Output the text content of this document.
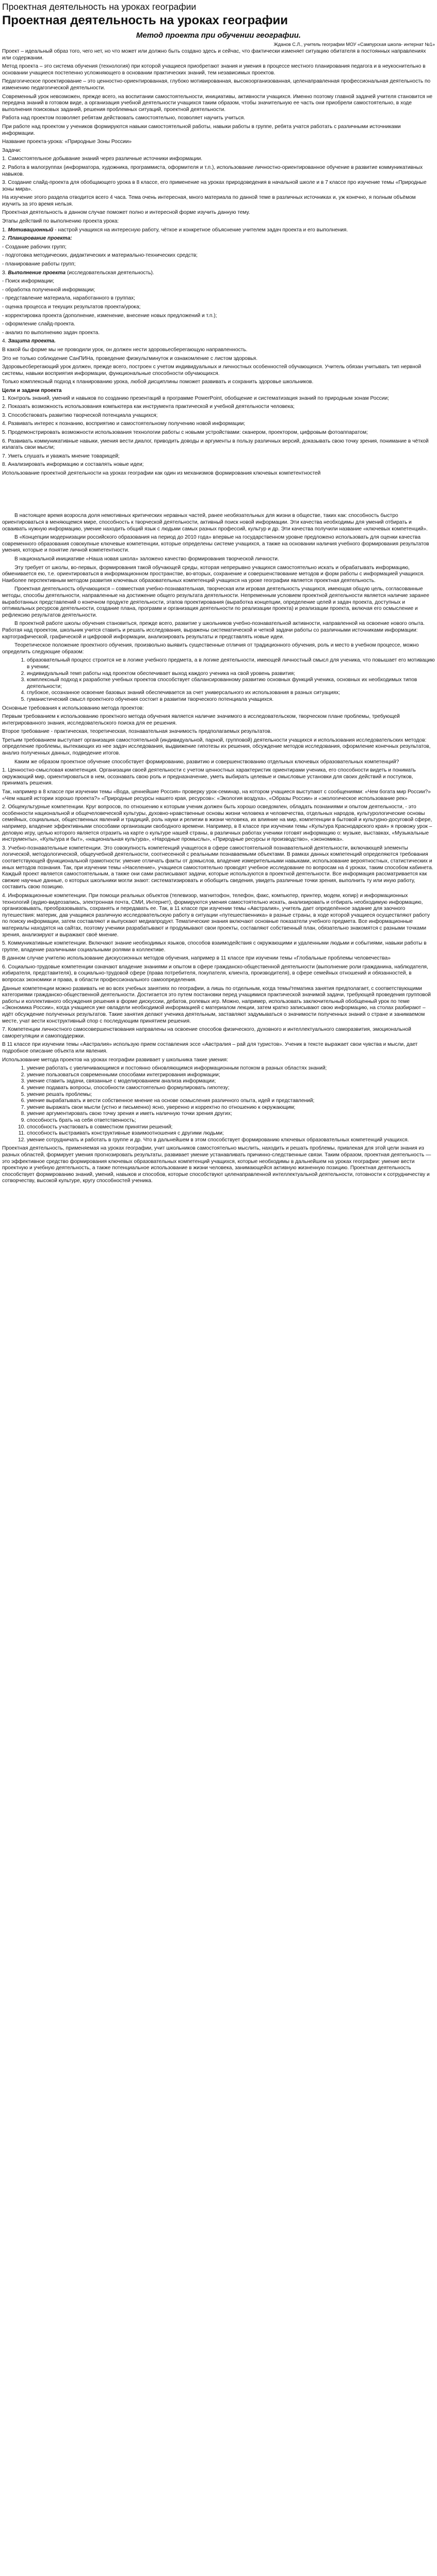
Проектная деятельность на уроках географии
Проектная деятельность на уроках географии
Метод проекта при обучении географии.
Жданов С.Л., учитель географии МОУ «Сампурская школа- интернат №1»

Проект – идеальный образ того, чего нет, но что может или должно быть создано здесь и сейчас, что фактически изменяет ситуацию обитателя в постоянных направлениях или содержании.

Метод проекта – это система обучения (технология) при которой учащиеся приобретают знания и умения в процессе местного планирования педагога и в неукоснительно в основании учащиеся постепенно усложняющего в основании практических знаний, тем независимых проектов.

Педагогическое проектирование – это ценностно-ориентированная, глубоко мотивированная, высокоорганизованная, целенаправленная профессиональная деятельность по изменению педагогической деятельности.

Современный урок невозможен, прежде всего, на воспитании самостоятельности, инициативы, активности учащихся. Именно поэтому главной задачей учителя становится не передача знаний в готовом виде, а организация учебной деятельности учащихся таким образом, чтобы значительную ее часть они приобрели самостоятельно, в ходе выполнения поисковых заданий, решения проблемных ситуаций, проектной деятельности.

Работа над проектом позволяет ребятам действовать самостоятельно, позволяет научить учиться.

При работе над проектом у учеников формируются навыки самостоятельной работы, навыки работы в группе, ребята учатся работать с различными источниками информации.

Название проекта-урока: «Природные Зоны России»

Задачи:

1. Самостоятельное добывание знаний через различные источники информации.

2. Работа в малогруппах (информатора, художника, программиста, оформителя и т.п.), использование личностно-ориентированное обучение в развитие коммуникативных навыков.

3. Создание слайд-проекта для обобщающего урока в 8 классе, его применение на уроках природоведения в начальной школе и в 7 классе про изучение темы «Природные зоны мира».

На изучение этого раздела отводится всего 4 часа. Тема очень интересная, много материала по данной теме в различных источниках и, уж конечно, я полным объёмом изучить за это время нельзя.

Проектная деятельность в данном случае поможет полно и интересной форме изучить данную тему.

Этапы действий по выполнению проекта урока:

1. Мотивационный - настрой учащихся на интересную работу, чёткое и конкретное объяснение учителем задач проекта и его выполнения.

2. Планирование проекта:

- Создание рабочих групп;

- подготовка методических, дидактических и материально-технических средств;

- планирование работы групп;

3. Выполнение проекта (исследовательская деятельность).

- Поиск информации;

- обработка полученной информации;

- представление материала, наработанного в группах;

- оценка процесса и текущих результатов проекта/урока;

- корректировка проекта (дополнение, изменение, внесение новых предложений и т.п.);

- оформление слайд-проекта.

- анализ по выполнению задач проекта.

4. Защита проекта.

В какой бы форме мы не проводили урок, он должен нести здоровьесберегающую направленность.

Это не только соблюдение СанПИНа, проведение физкультминуток и ознакомление с листом здоровья.

Здоровьесберегающий урок должен, прежде всего, построен с учетом индивидуальных и личностных особенностей обучающихся. Учитель обязан учитывать тип нервной системы, навыки восприятия информации, функциональные способности обучающихся.

Только комплексный подход к планированию урока, любой дисциплины поможет развивать и сохранить здоровье школьников.

Цели и задачи проекта

1. Контроль знаний, умений и навыков по созданию презентаций в программе PowerPoint, обобщение и систематизация знаний по природным зонам России;

2. Показать возможность использования компьютера как инструмента практической и учебной деятельности человека;

3. Способствовать развитию творческой потенциала учащихся;

4. Развивать интерес к познанию, восприятию и самостоятельному получению новой информации;

5. Продемонстрировать возможности использования технологии работы с новыми устройствами: сканером, проектором, цифровым фотоаппаратом;

6. Развивать коммуникативные навыки, умения вести диалог, приводить доводы и аргументы в пользу различных версий, доказывать свою точку зрения, понимание в чёткой излагать свои мысли;

7. Уметь слушать и уважать мнение товарищей;

8. Анализировать информацию и составлять новые идеи;

Использование проектной деятельности на уроках географии как один из механизмов формирования ключевых компетентностей

В настоящее время возросла доля немотивных критических неравных частей, ранее необязательных для жизни в обществе, таких как: способность быстро ориентироваться в меняющемся мире, способность к творческой деятельности, активный поиск новой информации. Эти качества необходимы для умений отбирать и осваивать нужную информацию, умение находить общий язык с людьми самых разных профессий, культур и др. Эти качества получили название «ключевых компетенций».

В «Концепции модернизации российского образования на период до 2010 года» впервые на государственном уровне предложено использовать для оценки качества современного образования совокупные ключевые компетенции, которые определены системе учащихся, а также на основании наличия учебного формирования результатов умения, которые и понятие личной компетентности.

В национальной инициативе «Наша новая школа» заложено качество формирования творческой личности.

Эту требует от школы, во-первых, формирования такой обучающей среды, которая непрерывно учащихся самостоятельно искать и обрабатывать информацию, обменивается ею, т.е. ориентироваться в информационном пространстве, во-вторых, сохранение и совершенствование методов и форм работы с информацией учащихся. Наиболее перспективным методом развития ключевых образовательных компетенций учащихся на уроке географии является проектная деятельность.

Проектная деятельность обучающихся – совместная учебно-познавательная, творческая или игровая деятельность учащихся, имеющая общую цель, согласованные методы, способы деятельности, направленные на достижение общего результата деятельности. Непременным условием проектной деятельности является наличие заранее выработанных представлений о конечном продукте деятельности, этапов проектирования (выработка концепции, определение целей и задач проекта, доступных и оптимальных ресурсов деятельности, создание плана, программ и организация деятельности по реализации проекта) и реализации проекта, включая его осмысление и рефлексию результатов деятельности.

В проектной работе школы обучения становиться, прежде всего, развитие у школьников учебно-познавательной активности, направленной на освоение нового опыта. Работая над проектом, школьник учится ставить и решать исследования, выражены систематической и четкой задачи работы со различными источниками информации: картографической, графической и цифровой информации, анализировать результаты и представлять новые идеи.

Теоретическое положение проектного обучения, произвольно выявить существенные отличия от традиционного обучения, роль и место в учебном процессе, можно определить следующие образом:

1. образовательный процесс строится не в логике учебного предмета, а в логике деятельности, имеющей личностный смысл для ученика, что повышает его мотивацию в учении;
2. индивидуальный темп работы над проектом обеспечивает выход каждого ученика на свой уровень развития;
3. комплексный подход к разработке учебных проектов способствует сбалансированному развитию основных функций ученика, основных их необходимых типов деятельности;
4. глубокое, осознанное освоение базовых знаний обеспечивается за счет универсального их использования в разных ситуациях;
5. гуманистический смысл проектного обучения состоит в развитии творческого потенциала учащихся.

Основные требования к использованию метода проектов:

Первым требованием к использованию проектного метода обучения является наличие значимого в исследовательском, творческом плане проблемы, требующей интегрированного знания, исследовательского поиска для ее решения.

Второе требование - практическая, теоретическая, познавательная значимость предполагаемых результатов.

Третьим требованием выступает организация самостоятельной (индивидуальной, парной, групповой) деятельности учащихся и использования исследовательских методов: определение проблемы, вытекающих из нее задач исследования, выдвижение гипотезы их решения, обсуждение методов исследования, оформление конечных результатов, анализ полученных данных, подведение итогов.

Каким же образом проектное обучение способствует формированию, развитию и совершенствованию отдельных ключевых образовательных компетенций?

1. Ценностно-смысловая компетенция. Организации своей деятельности с учетом ценностных характеристик ориентирами ученика, его способности видеть и понимать окружающий мир, ориентироваться в нем, осознавать свою роль и предназначение, уметь выбирать целевые и смысловые установки для своих действий и поступков, принимать решения.

Так, например в 8 классе при изучении темы «Вода, ценнейшие Россия» проверку урок-семинар, на котором учащиеся выступают с сообщениями: «Чем богата мир России?» «Чем нашей истории хорошо проекта?» «Природные ресурсы нашего края, ресурсов»: «Экология воздуха», «Образы России» и «экологическое использование рек»

2. Общекультурные компетенции. Круг вопросов, по отношению к которым ученик должен быть хорошо осведомлен, обладать познаниями и опытом деятельности, - это особенности национальной и общечеловеческой культуры, духовно-нравственные основы жизни человека и человечества, отдельных народов, культурологические основы семейных, социальных, общественных явлений и традиций, роль науки и религии в жизни человека, их влияние на мир, компетенции в бытовой и культурно-досуговой сфере, например, владение эффективными способами организации свободного времени. Например, в 8 классе при изучении темы «Культура Краснодарского края» я провожу урок – деловую игру, целью которого является отразить на карте о культуре нашей страны, в различных работах ученики готовят информацию о: музыке, выставках, «Музыкальные инструменты», «Культура и быт», «национальная культура», «Народные промыслы», «Природные ресурсы и производство», «экономика».

3. Учебно-познавательные компетенции. Это совокупность компетенций учащегося в сфере самостоятельной познавательной деятельности, включающей элементы логической, методологической, общеучебной деятельности, соотнесенной с реальными познаваемыми объектами. В рамках данных компетенций определяются требования соответствующей функциональной грамотности: умение отличать факты от домыслов, владение измерительными навыками, использование вероятностных, статистических и иных методов познания. Так, при изучении темы «Население», учащиеся самостоятельно проводят учебное исследование по вопросам на 4 уроках, таким способом кабинета. Каждый проект является самостоятельным, а также они сами расписывают задачи, которые используются в проектной деятельности. Все информация рассматривается как свежие научные данные, о которых школьники могли знают: систематизировать и обобщить сведения, увидеть различные точки зрения, выполнить ту или иную работу, составить свою позицию.

4. Информационные компетенции. При помощи реальных объектов (телевизор, магнитофон, телефон, факс, компьютер, принтер, модем, копир) и информационных технологий (аудио-видеозапись, электронная почта, СМИ, Интернет), формируются умения самостоятельно искать, анализировать и отбирать необходимую информацию, организовывать, преобразовывать, сохранять и передавать ее. Так, в 11 классе при изучении темы «Австралия», учитель дает определённое задание для заочного путешествия: материк, дав учащимся различную исследовательскую работу в ситуации «путешественника» в разные страны, в ходе которой учащиеся осуществляют работу по поиску информации, затем составляют и выпускают медиапродукт. Тематические знания включают основные показатели учебного предмета. Все информационные материалы находятся на сайтах, поэтому ученики разрабатывают и продумывают свои проекты, составляют собственный план, обязательно знакомятся с разными точками зрения, анализируют и выражают своё мнение.

5. Коммуникативные компетенции. Включают знание необходимых языков, способов взаимодействия с окружающими и удаленными людьми и событиями, навыки работы в группе, владение различными социальными ролями в коллективе.

В данном случае учителю использование дискуссионных методов обучения, например в 11 классе при изучении темы «Глобальные проблемы человечества»

6. Социально-трудовые компетенции означают владение знаниями и опытом в сфере гражданско-общественной деятельности (выполнение роли гражданина, наблюдателя, избирателя, представителя), в социально-трудовой сфере (права потребителя, покупателя, клиента, производителя), в сфере семейных отношений и обязанностей, в вопросах экономики и права, в области профессионального самоопределения.

Данные компетенции можно развивать не во всех учебных занятиях по географии, а лишь по отдельным, когда темы/тематика занятия предполагает, с соответствующими категориями гражданско-общественной деятельности. Достигается это путем постановки перед учащимися практической значимой задачи, требующей проведения групповой работы и коллективного обсуждения решения в форме дискуссии, дебатов, ролевых игр. Можно, например, использовать заключительный обобщенный урок по теме «Экономика России», когда учащиеся уже овладели необходимой информацией с материалом лекции, затем кратко записывают свою информацию, на столах разбирают – идёт обсуждение полученных результатов. Такие занятия делают ученика деятельным, заставляют задумываться о значимости полученных знаний о стране и занимаемом месте, учат вести конструктивный спор с последующим принятием решения.

7. Компетенции личностного самосовершенствования направлены на освоение способов физического, духовного и интеллектуального саморазвития, эмоциональной саморегуляции и самоподдержки.

В 11 классе при изучении темы «Австралия» использую прием составления эссе «Австралия – рай для туристов». Ученик в тексте выражает свои чувства и мысли, дает подробное описание объекта или явления.

Использование метода проектов на уроках географии развивает у школьника такие умения:

1. умение работать с увеличивающимся и постоянно обновляющимся информационным потоком в разных областях знаний;
2. умение пользоваться современными способами интегрирования информации;
3. умение ставить задачи, связанные с моделированием анализа информации;
4. умение подавать вопросы, способности самостоятельно формулировать гипотезу;
5. умение решать проблемы;
6. умение вырабатывать и вести собственное мнение на основе осмысления различного опыта, идей и представлений;
7. умение выражать свои мысли (устно и письменно) ясно, уверенно и корректно по отношению к окружающим;
8. умение аргументировать свою точку зрения и иметь наличную точки зрения других;
9. способность брать на себя ответственность;
10. способность участвовать в совместном принятии решений;
11. способность выстраивать конструктивные взаимоотношения с другими людьми;
12. умение сотрудничать и работать в группе и др. Что в дальнейшем в этом способствует формированию ключевых образовательных компетенций учащихся.

Проектная деятельность, применяемая на уроках географии, учит школьников самостоятельно мыслить, находить и решать проблемы, привлекая для этой цели знания из разных областей, формирует умения прогнозировать результаты, развивает умение устанавливать причинно-следственные связи. Таким образом, проектная деятельность — это эффективное средство формирования ключевых образовательных компетенций учащихся, которые необходимы в дальнейшем на уроках географии: умение вести проектную и учебную деятельность, а также потенциальное использование в жизни человека, занимающейся активную жизненную позицию. Проектная деятельность способствует формированию знаний, умений, навыков и способов, которые способствуют целенаправленной интеллектуальной деятельности, готовности к сотрудничеству и сотворчеству, высокой культуре, кругу способностей ученика.
